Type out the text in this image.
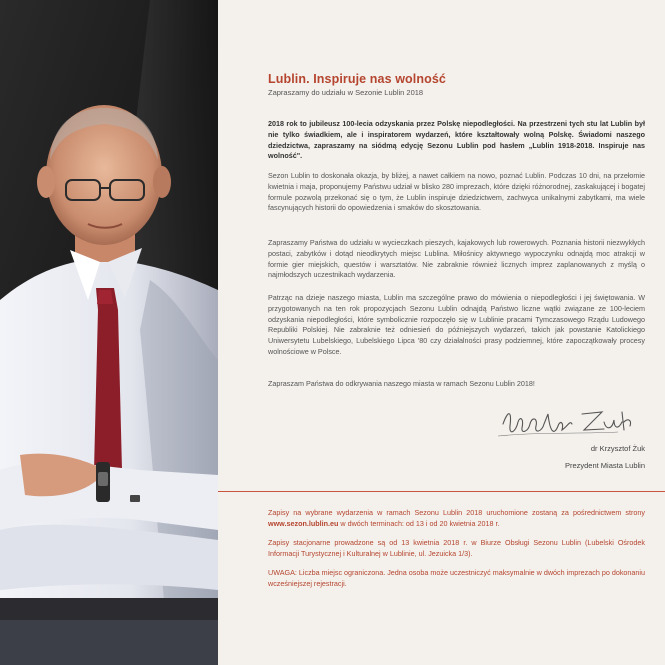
Lublin. Inspiruje nas wolność
Zapraszamy do udziału w Sezonie Lublin 2018

2018 rok to jubileusz 100-lecia odzyskania przez Polskę niepodległości. Na przestrzeni tych stu lat Lublin był nie tylko świadkiem, ale i inspiratorem wydarzeń, które kształtowały wolną Polskę. Świadomi naszego dziedzictwa, zapraszamy na siódmą edycję Sezonu Lublin pod hasłem „Lublin 1918-2018. Inspiruje nas wolność".

Sezon Lublin to doskonała okazja, by bliżej, a nawet całkiem na nowo, poznać Lublin. Podczas 10 dni, na przełomie kwietnia i maja, proponujemy Państwu udział w blisko 280 imprezach, które dzięki różnorodnej, zaskakującej i bogatej formule pozwolą przekonać się o tym, że Lublin inspiruje dziedzictwem, zachwyca unikalnymi zabytkami, ma wiele fascynujących historii do opowiedzenia i smaków do skosztowania.

Zapraszamy Państwa do udziału w wycieczkach pieszych, kajakowych lub rowerowych. Poznania historii niezwykłych postaci, zabytków i dotąd nieodkrytych miejsc Lublina. Miłośnicy aktywnego wypoczynku odnajdą moc atrakcji w formie gier miejskich, questów i warsztatów. Nie zabraknie również licznych imprez zaplanowanych z myślą o najmłodszych uczestnikach wydarzenia.

Patrząc na dzieje naszego miasta, Lublin ma szczególne prawo do mówienia o niepodległości i jej świętowania. W przygotowanych na ten rok propozycjach Sezonu Lublin odnajdą Państwo liczne wątki związane ze 100-leciem odzyskania niepodległości, które symbolicznie rozpoczęło się w Lublinie pracami Tymczasowego Rządu Ludowego Republiki Polskiej. Nie zabraknie też odniesień do późniejszych wydarzeń, takich jak powstanie Katolickiego Uniwersytetu Lubelskiego, Lubelskiego Lipca '80 czy działalności prasy podziemnej, które zapoczątkowały procesy wolnościowe w Polsce.

Zapraszam Państwa do odkrywania naszego miasta w ramach Sezonu Lublin 2018!

dr Krzysztof Żuk
Prezydent Miasta Lublin

Zapisy na wybrane wydarzenia w ramach Sezonu Lublin 2018 uruchomione zostaną za pośrednictwem strony www.sezon.lublin.eu w dwóch terminach: od 13 i od 20 kwietnia 2018 r.

Zapisy stacjonarne prowadzone są od 13 kwietnia 2018 r. w Biurze Obsługi Sezonu Lublin (Lubelski Ośrodek Informacji Turystycznej i Kulturalnej w Lublinie, ul. Jezuicka 1/3).

UWAGA: Liczba miejsc ograniczona. Jedna osoba może uczestniczyć maksymalnie w dwóch imprezach po dokonaniu wcześniejszej rejestracji.
